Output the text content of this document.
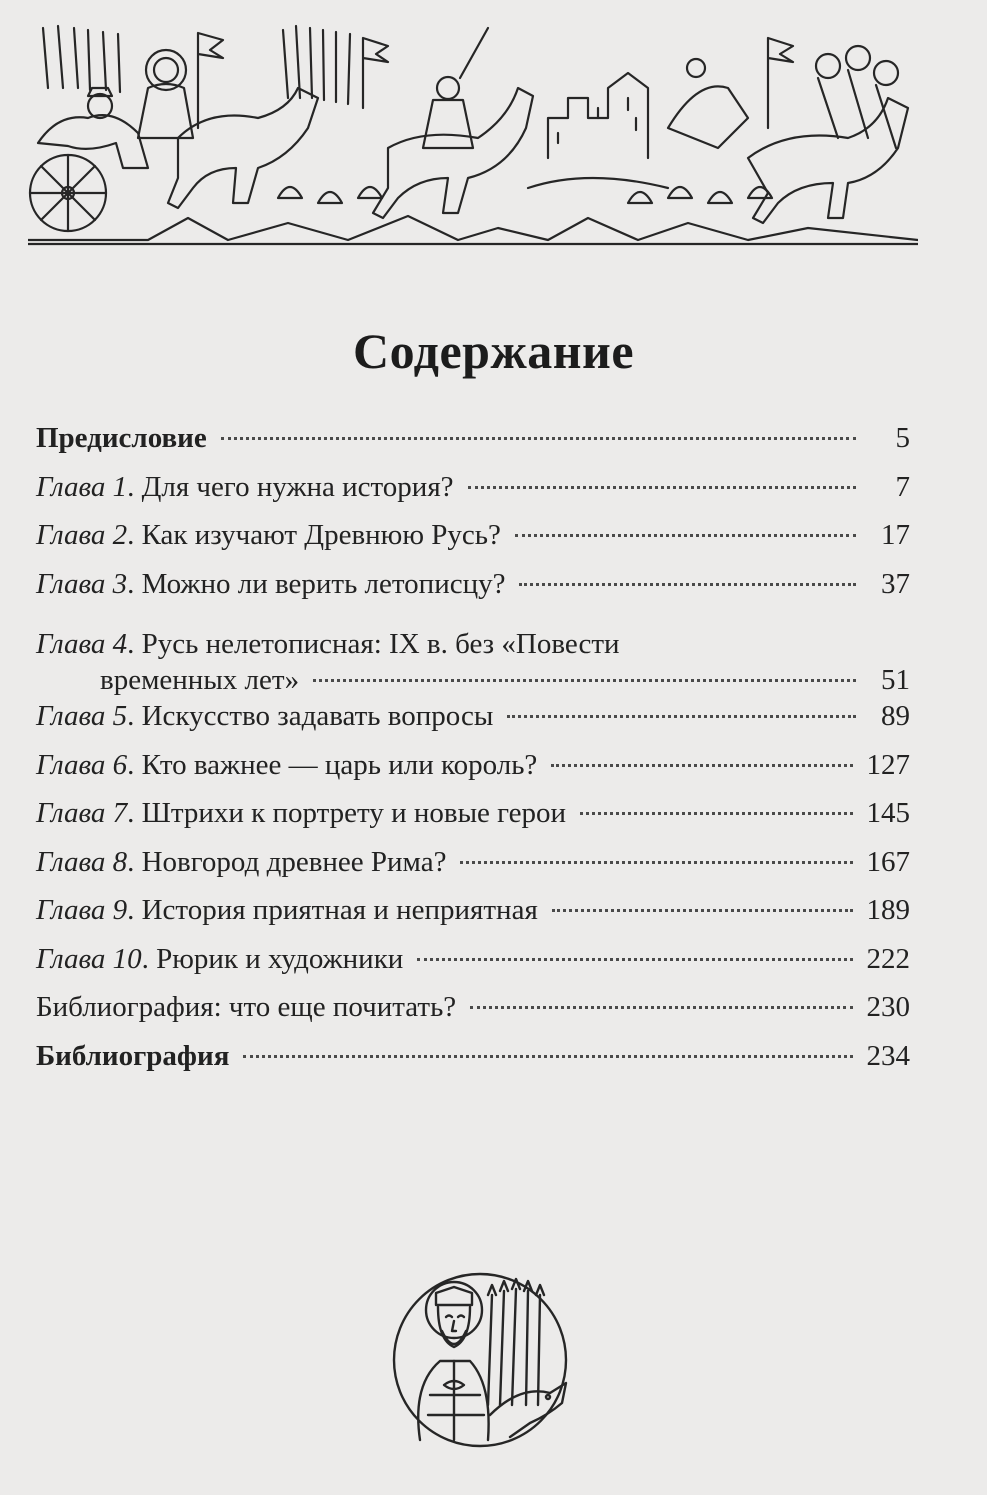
Содержание
Предисловие	5
Глава 1. Для чего нужна история?	7
Глава 2. Как изучают Древнюю Русь?	17
Глава 3. Можно ли верить летописцу?	37
Глава 4. Русь нелетописная: IX в. без «Повести
временных лет»	51
Глава 5. Искусство задавать вопросы	89
Глава 6. Кто важнее — царь или король?	127
Глава 7. Штрихи к портрету и новые герои	145
Глава 8. Новгород древнее Рима?	167
Глава 9. История приятная и неприятная	189
Глава 10. Рюрик и художники	222
Библиография: что еще почитать?	230
Библиография	234
